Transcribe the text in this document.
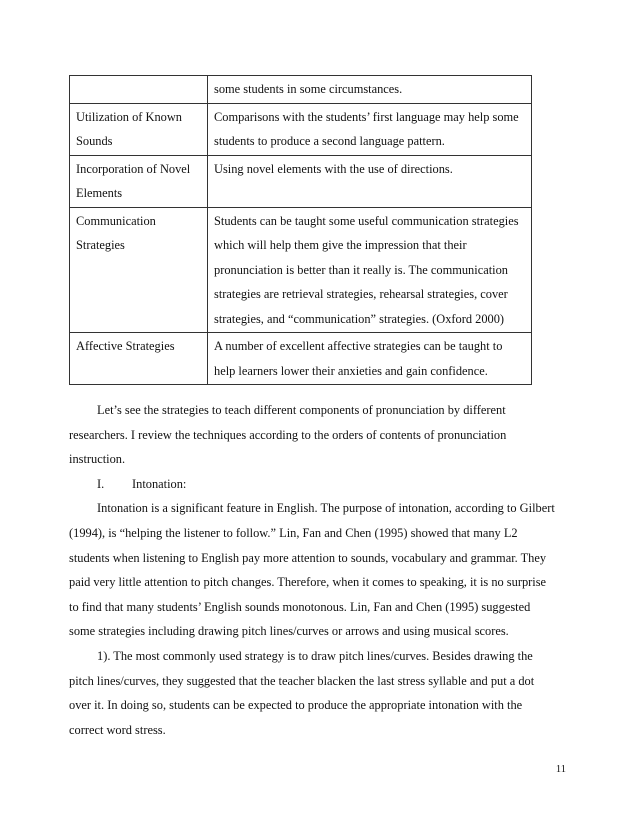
	some students in some circumstances.

Utilization of Known
Sounds	Comparisons with the students’ first language may help some
students to produce a second language pattern.

Incorporation of Novel
Elements	Using novel elements with the use of directions.

Communication
Strategies	Students can be taught some useful communication strategies
which will help them give the impression that their
pronunciation is better than it really is. The communication
strategies are retrieval strategies, rehearsal strategies, cover
strategies, and “communication” strategies. (Oxford 2000)

Affective Strategies	A number of excellent affective strategies can be taught to
help learners lower their anxieties and gain confidence.

Let’s see the strategies to teach different components of pronunciation by different
researchers. I review the techniques according to the orders of contents of pronunciation
instruction.

I. Intonation:

Intonation is a significant feature in English. The purpose of intonation, according to Gilbert
(1994), is “helping the listener to follow.” Lin, Fan and Chen (1995) showed that many L2
students when listening to English pay more attention to sounds, vocabulary and grammar. They
paid very little attention to pitch changes. Therefore, when it comes to speaking, it is no surprise
to find that many students’ English sounds monotonous. Lin, Fan and Chen (1995) suggested
some strategies including drawing pitch lines/curves or arrows and using musical scores.

1). The most commonly used strategy is to draw pitch lines/curves. Besides drawing the
pitch lines/curves, they suggested that the teacher blacken the last stress syllable and put a dot
over it. In doing so, students can be expected to produce the appropriate intonation with the
correct word stress.

11
